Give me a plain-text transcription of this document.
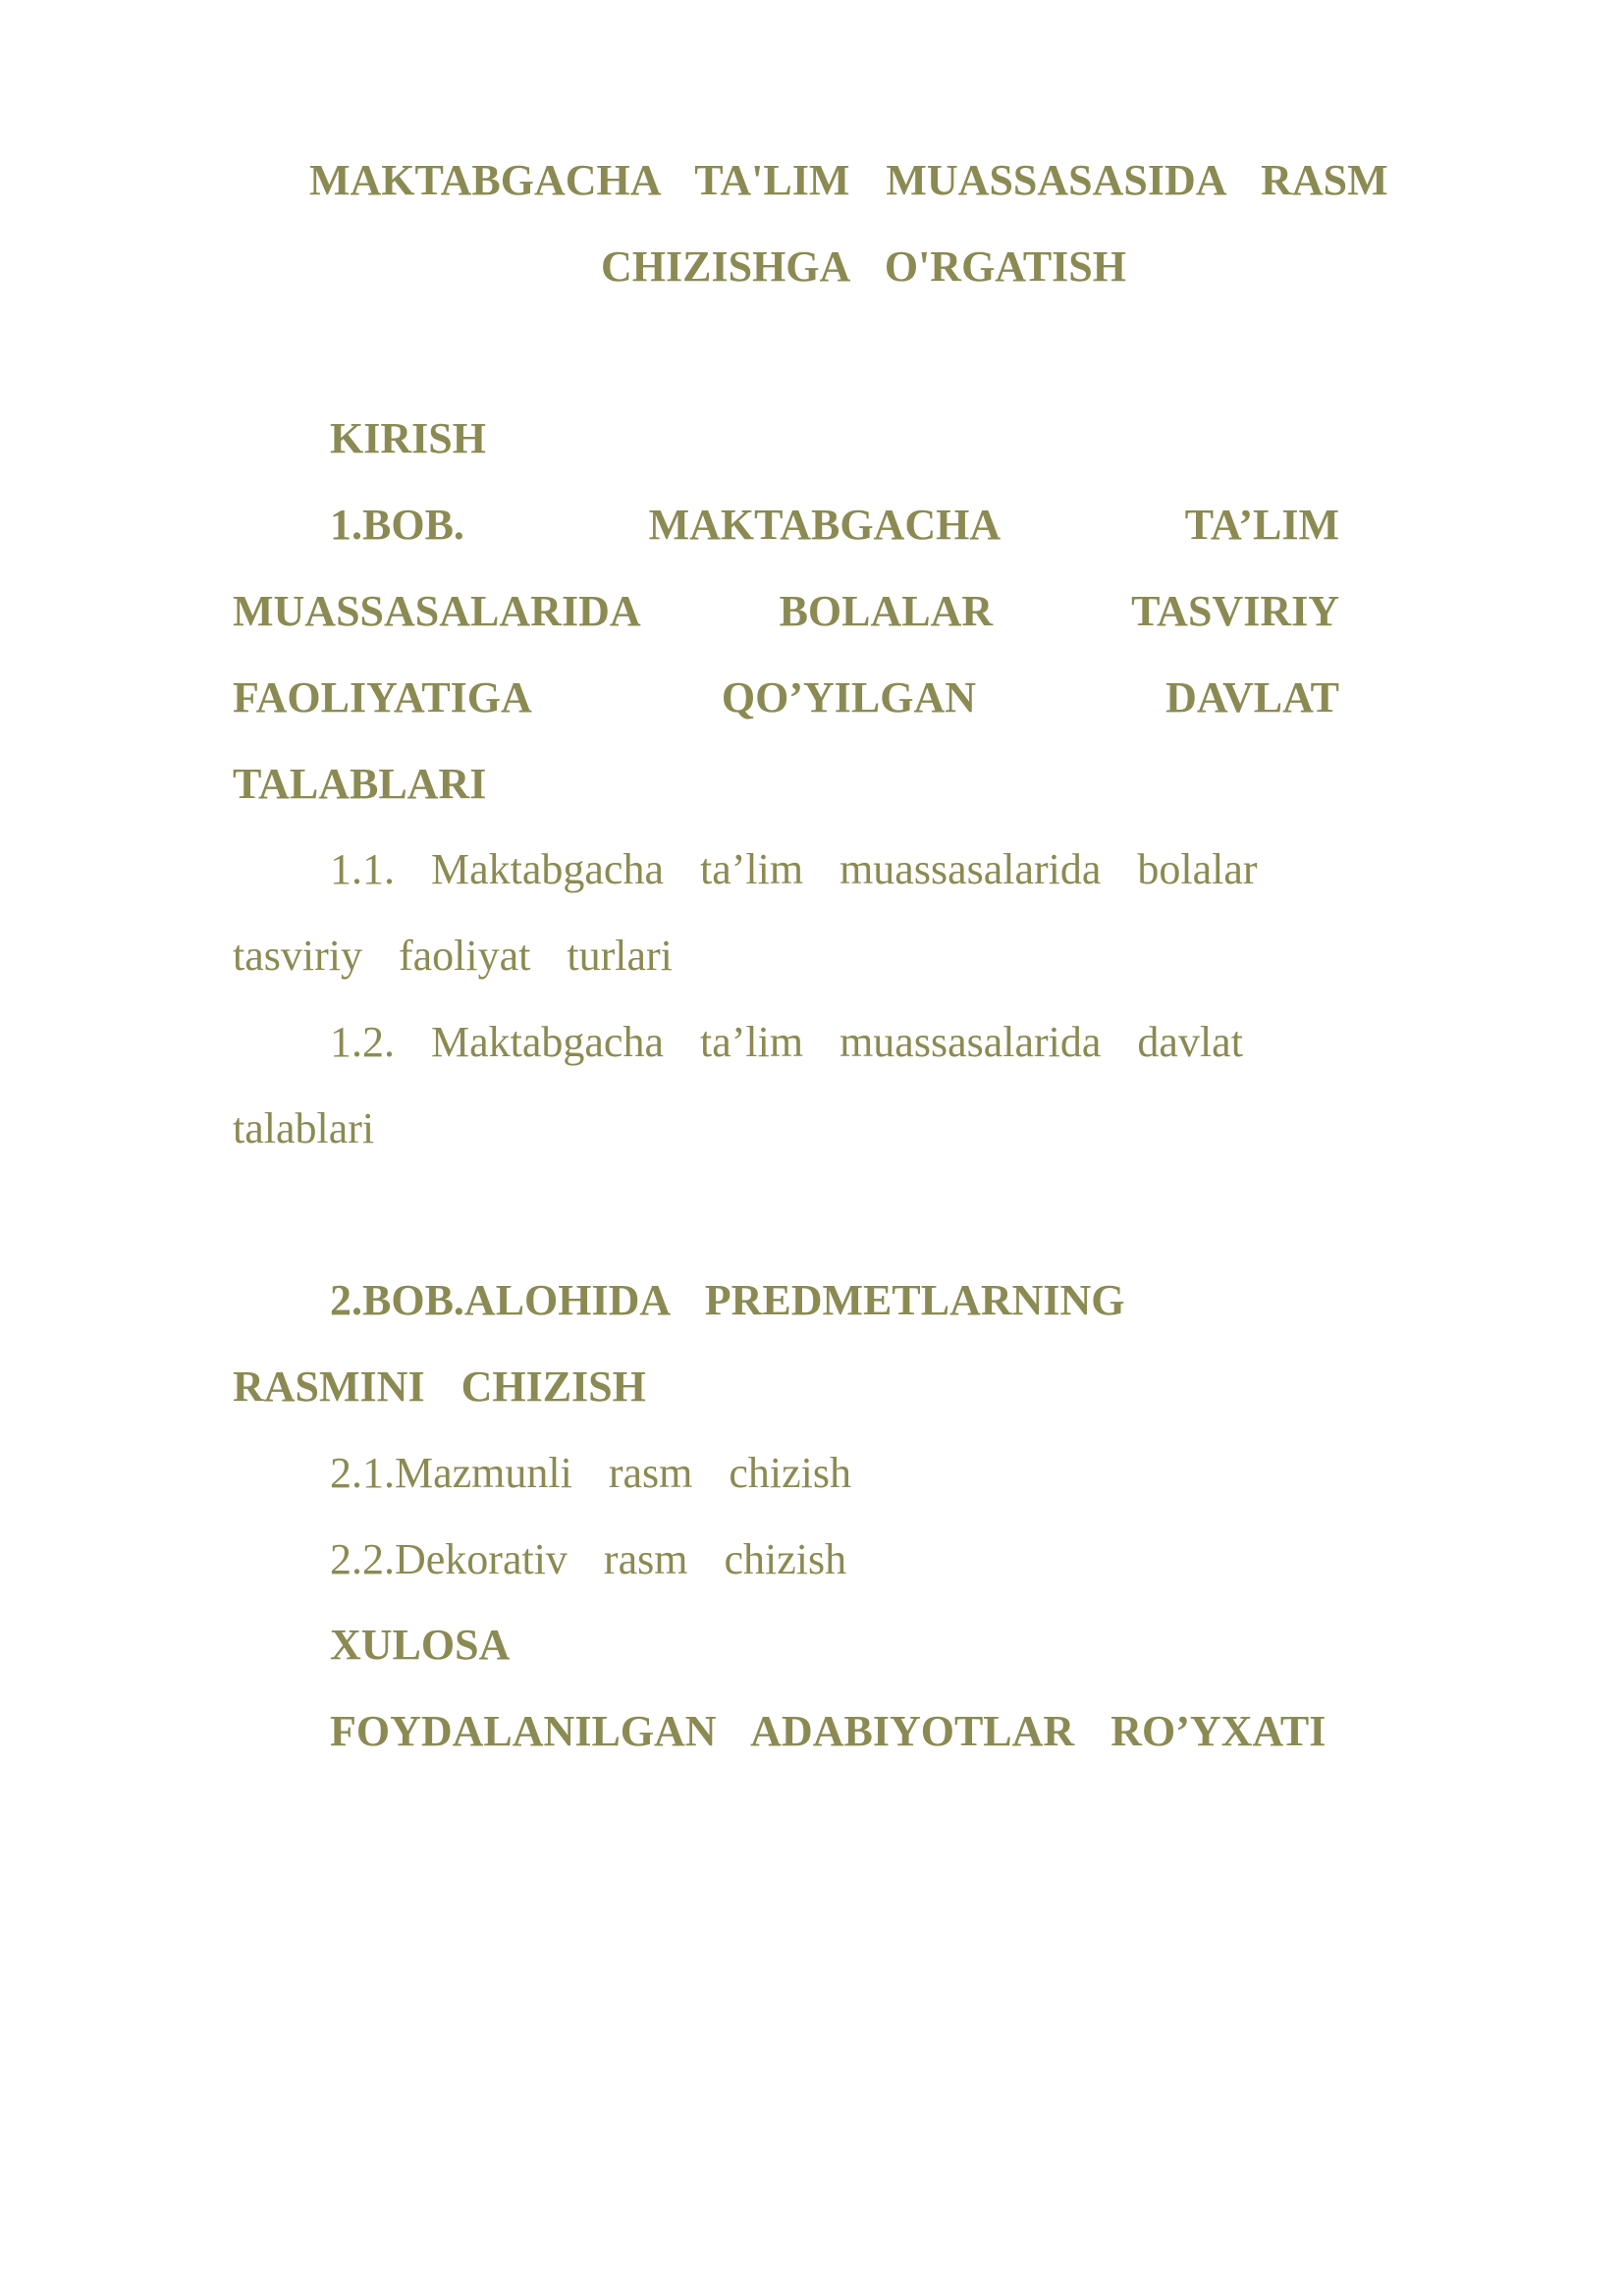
MAKTABGACHA TA'LIM MUASSASASIDA RASM

CHIZISHGA O'RGATISH

KIRISH

1.BOB.	MAKTABGACHA	TA’LIM
MUASSASALARIDA	BOLALAR	TASVIRIY
FAOLIYATIGA	QO’YILGAN	DAVLAT

TALABLARI

1.1. Maktabgacha ta’lim muassasalarida bolalar

tasviriy faoliyat turlari

1.2. Maktabgacha ta’lim muassasalarida davlat

talablari

2.BOB.ALOHIDA PREDMETLARNING

RASMINI CHIZISH

2.1.Mazmunli rasm chizish

2.2.Dekorativ rasm chizish

XULOSA

FOYDALANILGAN ADABIYOTLAR RO’YXATI
